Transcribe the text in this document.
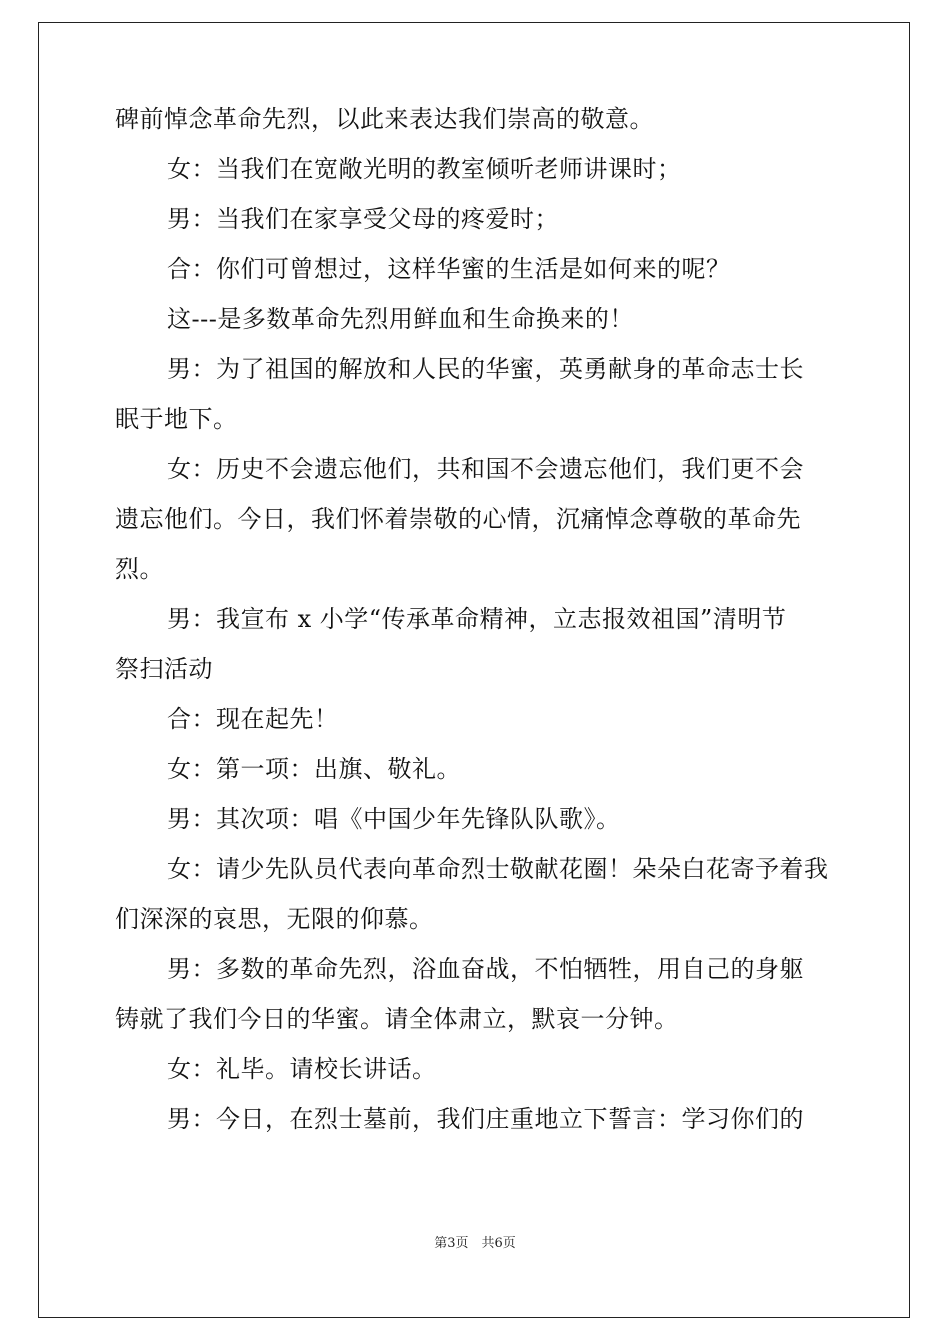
碑前悼念革命先烈，以此来表达我们崇高的敬意。
女：当我们在宽敞光明的教室倾听老师讲课时；
男：当我们在家享受父母的疼爱时；
合：你们可曾想过，这样华蜜的生活是如何来的呢？
这---是多数革命先烈用鲜血和生命换来的！
男：为了祖国的解放和人民的华蜜，英勇献身的革命志士长
眠于地下。
女：历史不会遗忘他们，共和国不会遗忘他们，我们更不会
遗忘他们。今日，我们怀着崇敬的心情，沉痛悼念尊敬的革命先
烈。
男：我宣布 x 小学“传承革命精神，立志报效祖国”清明节
祭扫活动
合：现在起先！
女：第一项：出旗、敬礼。
男：其次项：唱《中国少年先锋队队歌》。
女：请少先队员代表向革命烈士敬献花圈！朵朵白花寄予着我
们深深的哀思，无限的仰慕。
男：多数的革命先烈，浴血奋战，不怕牺牲，用自己的身躯
铸就了我们今日的华蜜。请全体肃立，默哀一分钟。
女：礼毕。请校长讲话。
男：今日，在烈士墓前，我们庄重地立下誓言：学习你们的
第3页　共6页
